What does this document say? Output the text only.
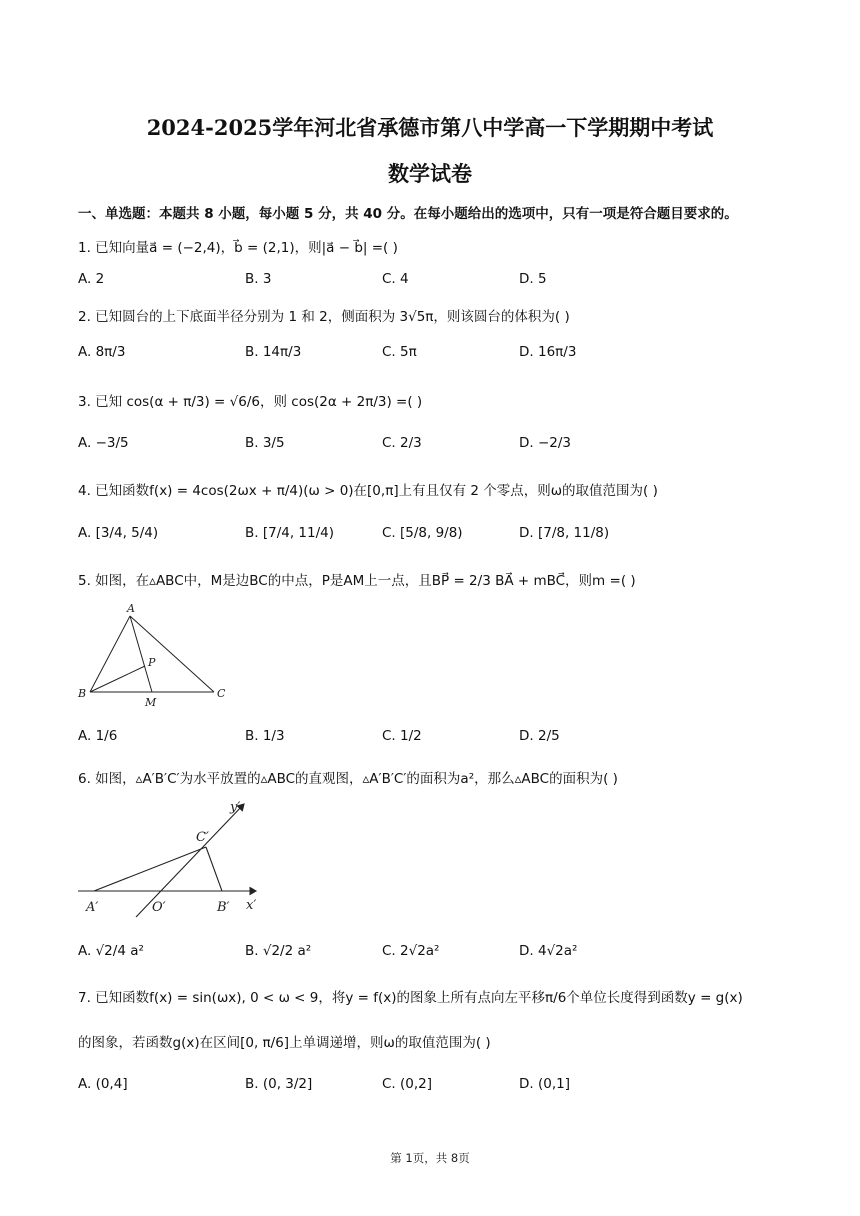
2024-2025学年河北省承德市第八中学高一下学期期中考试
数学试卷
一、单选题：本题共 8 小题，每小题 5 分，共 40 分。在每小题给出的选项中，只有一项是符合题目要求的。
1. 已知向量a⃗ = (−2,4)，b⃗ = (2,1)，则|a⃗ − b⃗| =( )
A. 2	B. 3	C. 4	D. 5
2. 已知圆台的上下底面半径分别为 1 和 2，侧面积为 3√5π，则该圆台的体积为( )
A. 8π/3	B. 14π/3	C. 5π	D. 16π/3
3. 已知 cos(α + π/3) = √6/6，则 cos(2α + 2π/3) =( )
A. −3/5	B. 3/5	C. 2/3	D. −2/3
4. 已知函数f(x) = 4cos(2ωx + π/4)(ω > 0)在[0,π]上有且仅有 2 个零点，则ω的取值范围为( )
A. [3/4, 5/4)	B. [7/4, 11/4)	C. [5/8, 9/8)	D. [7/8, 11/8)
5. 如图，在▵ABC中，M是边BC的中点，P是AM上一点，且BP⃗ = 2/3 BA⃗ + mBC⃗，则m =( )
A
B	C
M
P
A. 1/6	B. 1/3	C. 1/2	D. 2/5
6. 如图，▵A′B′C′为水平放置的▵ABC的直观图，▵A′B′C′的面积为a²，那么▵ABC的面积为( )
y′
C′
A′	O′	B′ x′
A. √2/4 a²	B. √2/2 a²	C. 2√2a²	D. 4√2a²
7. 已知函数f(x) = sin(ωx), 0 < ω < 9，将y = f(x)的图象上所有点向左平移π/6个单位长度得到函数y = g(x)
的图象，若函数g(x)在区间[0, π/6]上单调递增，则ω的取值范围为( )
A. (0,4]	B. (0, 3/2]	C. (0,2]	D. (0,1]
第 1页，共 8页
